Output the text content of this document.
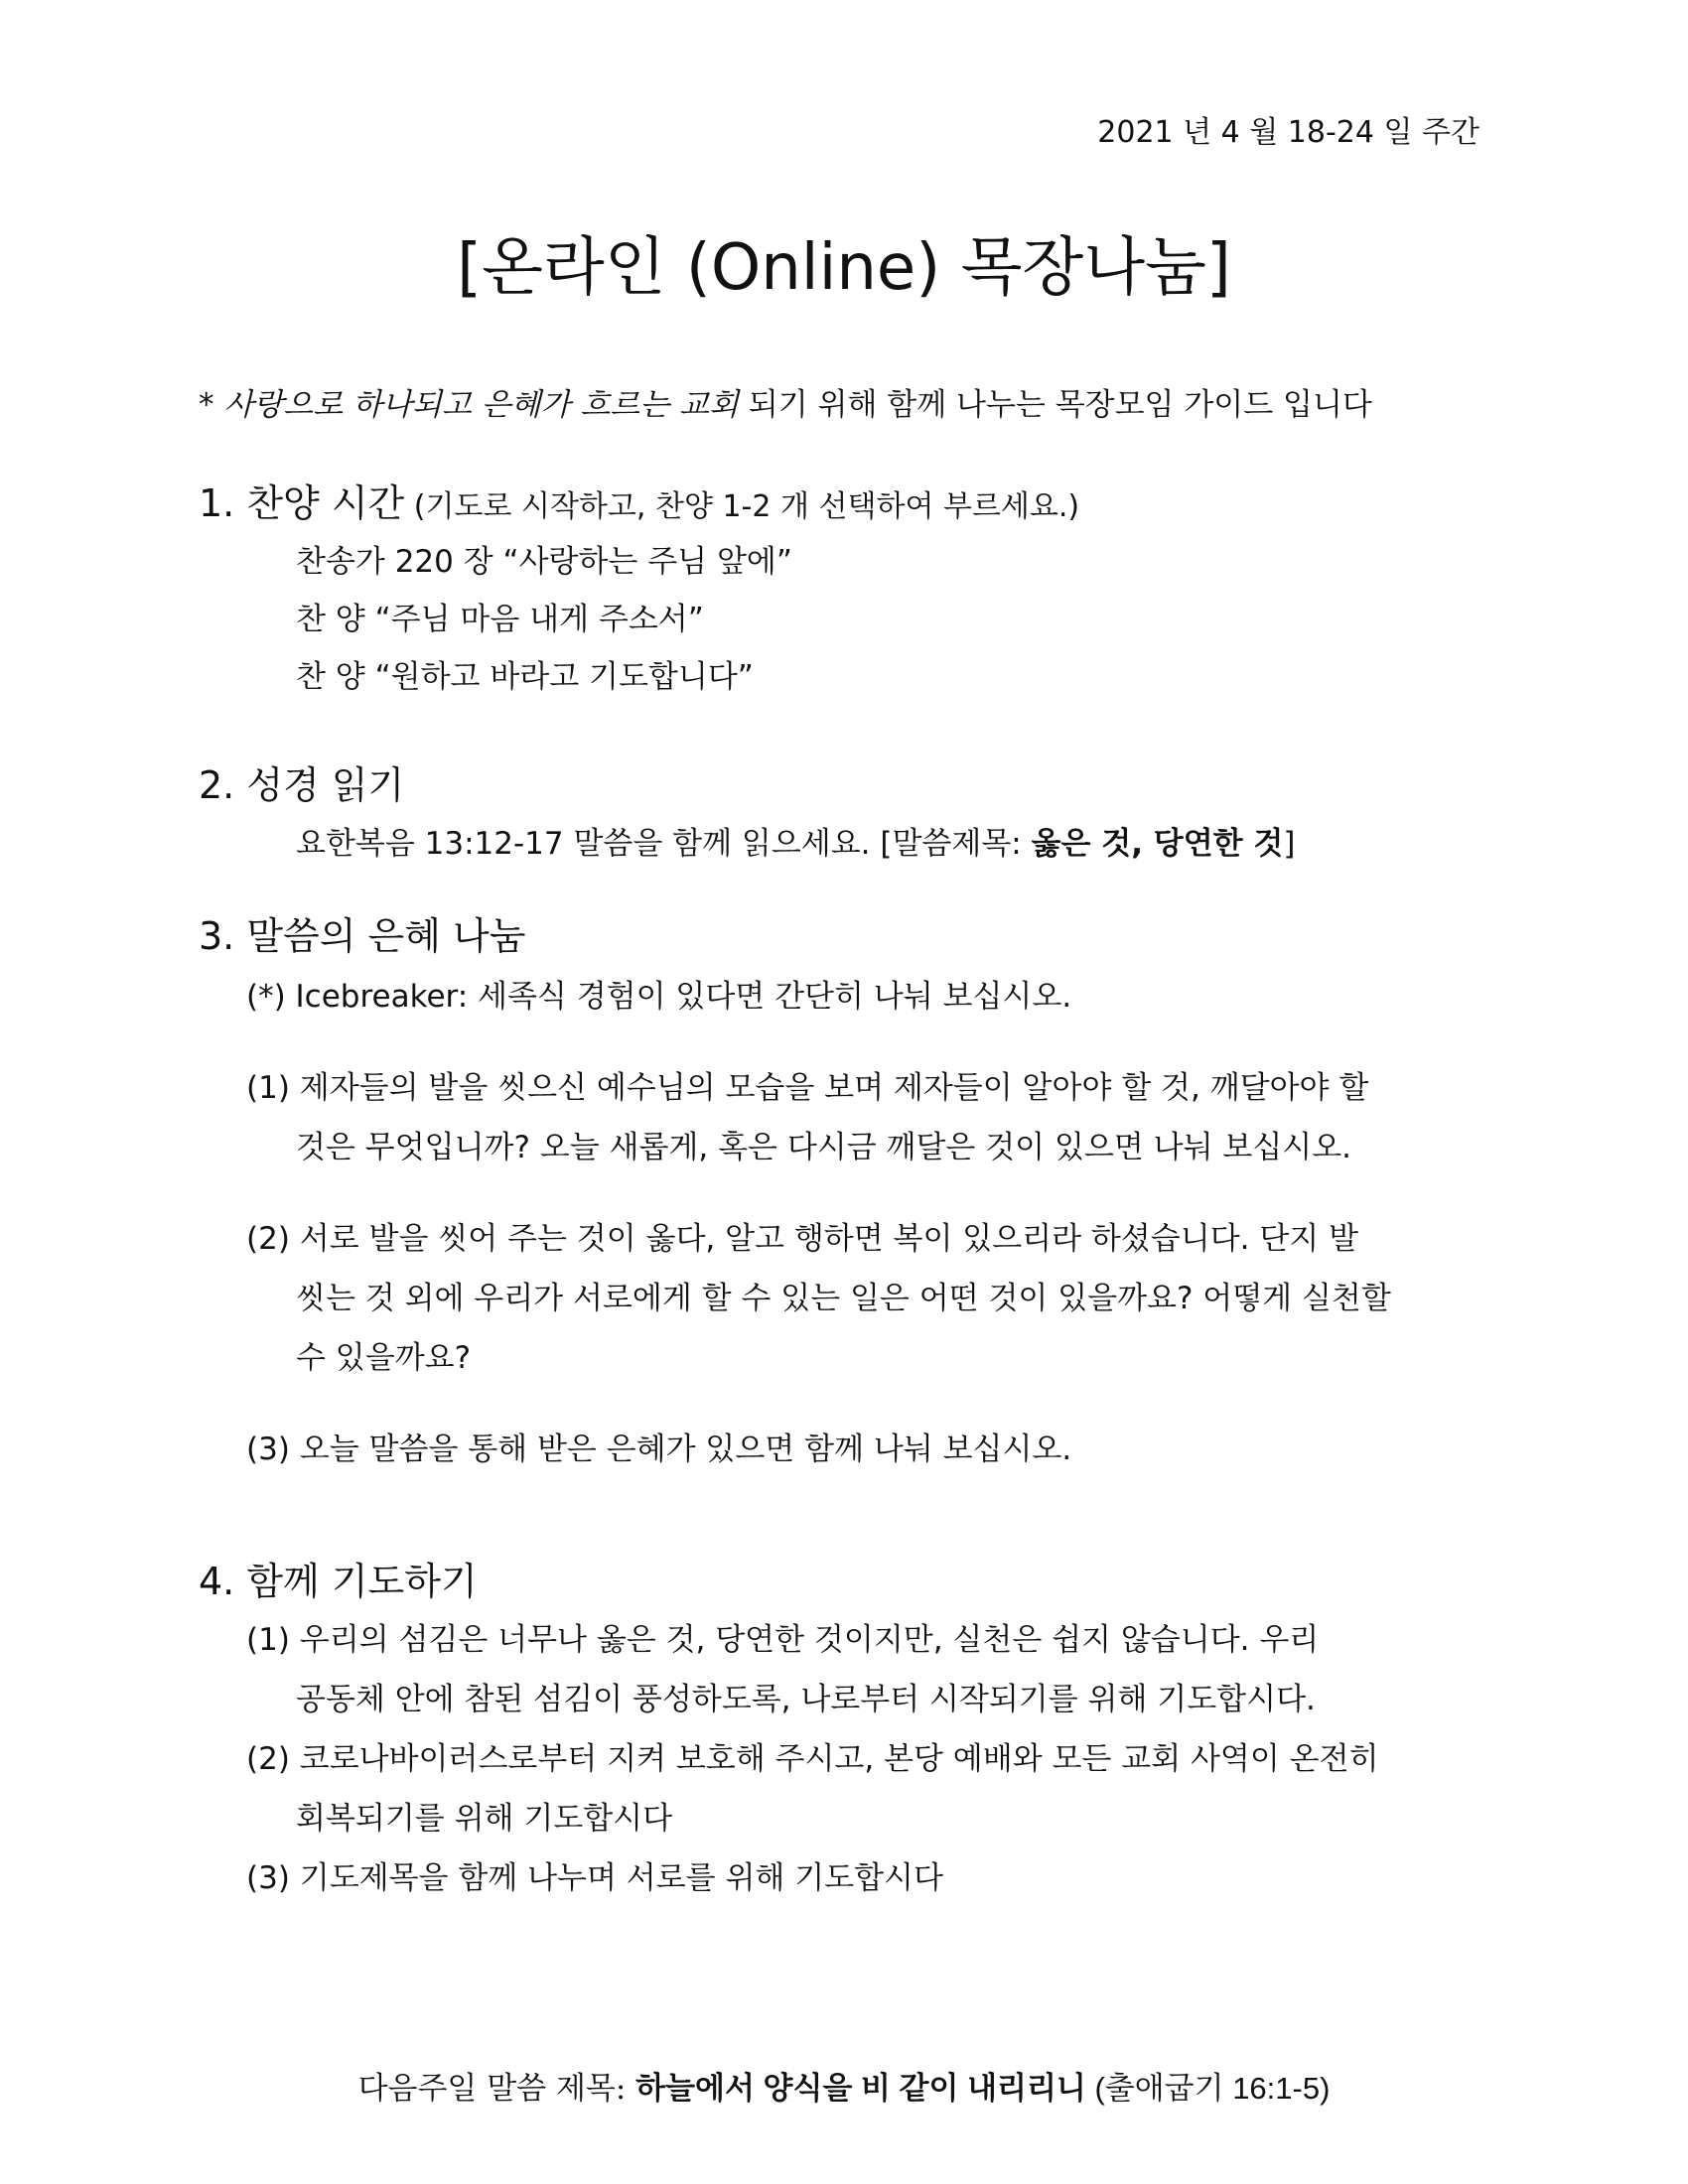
2021 년 4 월 18-24 일 주간
[온라인 (Online) 목장나눔]
* 사랑으로 하나되고 은혜가 흐르는 교회 되기 위해 함께 나누는 목장모임 가이드 입니다
1. 찬양 시간 (기도로 시작하고, 찬양 1-2 개 선택하여 부르세요.)
찬송가 220 장 “사랑하는 주님 앞에”
찬 양 “주님 마음 내게 주소서”
찬 양 “원하고 바라고 기도합니다”
2. 성경 읽기
요한복음 13:12-17 말씀을 함께 읽으세요. [말씀제목: 옳은 것, 당연한 것]
3. 말씀의 은혜 나눔
(*) Icebreaker: 세족식 경험이 있다면 간단히 나눠 보십시오.
(1) 제자들의 발을 씻으신 예수님의 모습을 보며 제자들이 알아야 할 것, 깨달아야 할
것은 무엇입니까? 오늘 새롭게, 혹은 다시금 깨달은 것이 있으면 나눠 보십시오.
(2) 서로 발을 씻어 주는 것이 옳다, 알고 행하면 복이 있으리라 하셨습니다. 단지 발
씻는 것 외에 우리가 서로에게 할 수 있는 일은 어떤 것이 있을까요? 어떻게 실천할
수 있을까요?
(3) 오늘 말씀을 통해 받은 은혜가 있으면 함께 나눠 보십시오.
4. 함께 기도하기
(1) 우리의 섬김은 너무나 옳은 것, 당연한 것이지만, 실천은 쉽지 않습니다. 우리
공동체 안에 참된 섬김이 풍성하도록, 나로부터 시작되기를 위해 기도합시다.
(2) 코로나바이러스로부터 지켜 보호해 주시고, 본당 예배와 모든 교회 사역이 온전히
회복되기를 위해 기도합시다
(3) 기도제목을 함께 나누며 서로를 위해 기도합시다
다음주일 말씀 제목: 하늘에서 양식을 비 같이 내리리니 (출애굽기 16:1-5)
